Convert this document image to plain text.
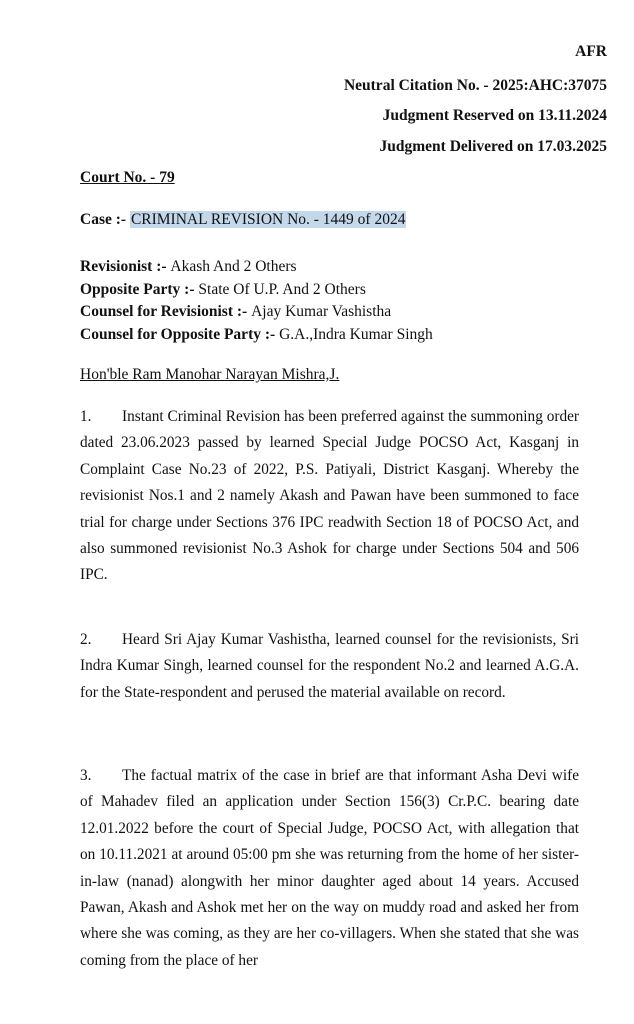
AFR
Neutral Citation No. - 2025:AHC:37075
Judgment Reserved on 13.11.2024
Judgment Delivered on 17.03.2025
Court No. - 79
Case :- CRIMINAL REVISION No. - 1449 of 2024
Revisionist :- Akash And 2 Others
Opposite Party :- State Of U.P. And 2 Others
Counsel for Revisionist :- Ajay Kumar Vashistha
Counsel for Opposite Party :- G.A.,Indra Kumar Singh
Hon'ble Ram Manohar Narayan Mishra,J.
1. Instant Criminal Revision has been preferred against the summoning order dated 23.06.2023 passed by learned Special Judge POCSO Act, Kasganj in Complaint Case No.23 of 2022, P.S. Patiyali, District Kasganj. Whereby the revisionist Nos.1 and 2 namely Akash and Pawan have been summoned to face trial for charge under Sections 376 IPC readwith Section 18 of POCSO Act, and also summoned revisionist No.3 Ashok for charge under Sections 504 and 506 IPC.
2. Heard Sri Ajay Kumar Vashistha, learned counsel for the revisionists, Sri Indra Kumar Singh, learned counsel for the respondent No.2 and learned A.G.A. for the State-respondent and perused the material available on record.
3. The factual matrix of the case in brief are that informant Asha Devi wife of Mahadev filed an application under Section 156(3) Cr.P.C. bearing date 12.01.2022 before the court of Special Judge, POCSO Act, with allegation that on 10.11.2021 at around 05:00 pm she was returning from the home of her sister-in-law (nanad) alongwith her minor daughter aged about 14 years. Accused Pawan, Akash and Ashok met her on the way on muddy road and asked her from where she was coming, as they are her co-villagers. When she stated that she was coming from the place of her
